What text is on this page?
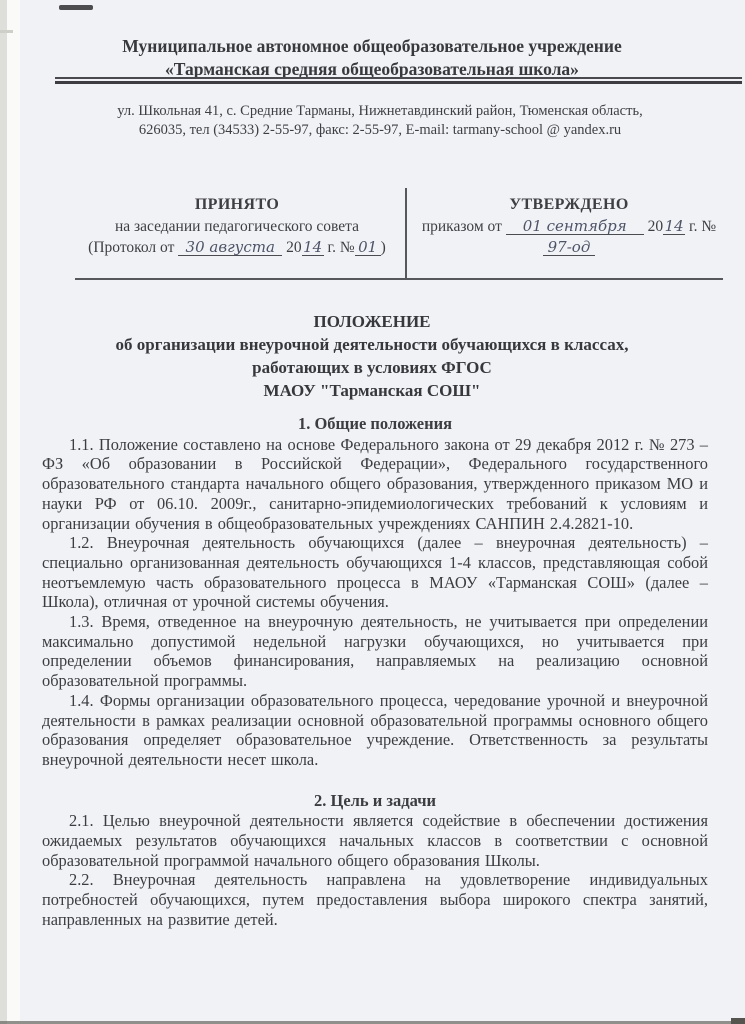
Муниципальное автономное общеобразовательное учреждение
«Тарманская средняя общеобразовательная школа»
ул. Школьная 41, с. Средние Тарманы, Нижнетавдинский район, Тюменская область,
626035, тел (34533) 2-55-97, факс: 2-55-97, E-mail: tarmany-school @ yandex.ru
ПРИНЯТО
на заседании педагогического совета
(Протокол от 30 августа 2014 г. № 01 )
УТВЕРЖДЕНО
приказом от 01 сентября 2014 г. № 97-од
ПОЛОЖЕНИЕ
об организации внеурочной деятельности обучающихся в классах,
работающих в условиях ФГОС
МАОУ "Тарманская СОШ"
1. Общие положения

1.1. Положение составлено на основе Федерального закона от 29 декабря 2012 г. № 273 – ФЗ «Об образовании в Российской Федерации», Федерального государственного образовательного стандарта начального общего образования, утвержденного приказом МО и науки РФ от 06.10. 2009г., санитарно-эпидемиологических требований к условиям и организации обучения в общеобразовательных учреждениях САНПИН 2.4.2821-10.

1.2. Внеурочная деятельность обучающихся (далее – внеурочная деятельность) – специально организованная деятельность обучающихся 1-4 классов, представляющая собой неотъемлемую часть образовательного процесса в МАОУ «Тарманская СОШ» (далее – Школа), отличная от урочной системы обучения.

1.3. Время, отведенное на внеурочную деятельность, не учитывается при определении максимально допустимой недельной нагрузки обучающихся, но учитывается при определении объемов финансирования, направляемых на реализацию основной образовательной программы.

1.4. Формы организации образовательного процесса, чередование урочной и внеурочной деятельности в рамках реализации основной образовательной программы основного общего образования определяет образовательное учреждение. Ответственность за результаты внеурочной деятельности несет школа.

2. Цель и задачи

2.1. Целью внеурочной деятельности является содействие в обеспечении достижения ожидаемых результатов обучающихся начальных классов в соответствии с основной образовательной программой начального общего образования Школы.

2.2. Внеурочная деятельность направлена на удовлетворение индивидуальных потребностей обучающихся, путем предоставления выбора широкого спектра занятий, направленных на развитие детей.
